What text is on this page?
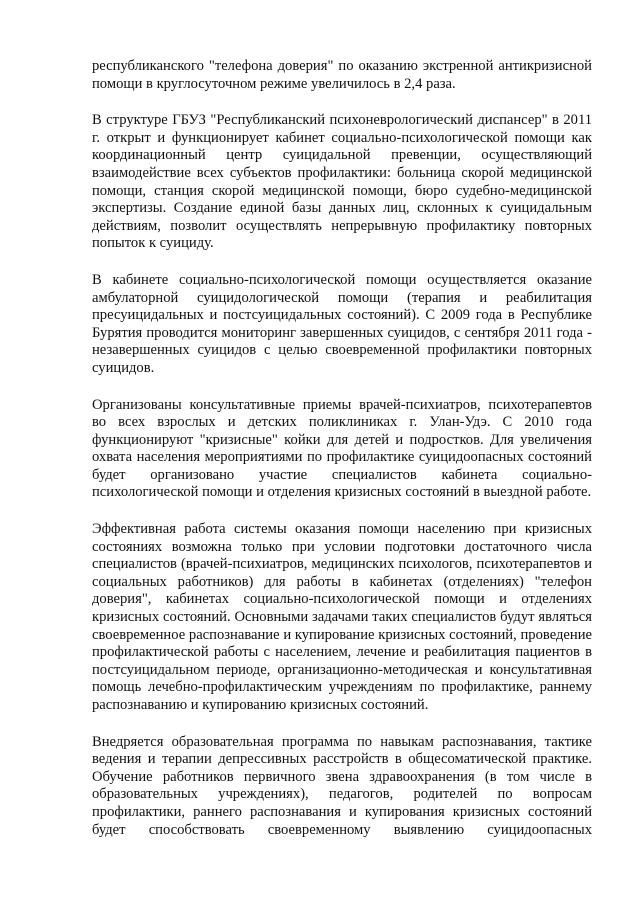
республиканского "телефона доверия" по оказанию экстренной антикризисной помощи в круглосуточном режиме увеличилось в 2,4 раза.

В структуре ГБУЗ "Республиканский психоневрологический диспансер" в 2011 г. открыт и функционирует кабинет социально-психологической помощи как координационный центр суицидальной превенции, осуществляющий взаимодействие всех субъектов профилактики: больница скорой медицинской помощи, станция скорой медицинской помощи, бюро судебно-медицинской экспертизы. Создание единой базы данных лиц, склонных к суицидальным действиям, позволит осуществлять непрерывную профилактику повторных попыток к суициду.

В кабинете социально-психологической помощи осуществляется оказание амбулаторной суицидологической помощи (терапия и реабилитация пресуицидальных и постсуицидальных состояний). С 2009 года в Республике Бурятия проводится мониторинг завершенных суицидов, с сентября 2011 года - незавершенных суицидов с целью своевременной профилактики повторных суицидов.

Организованы консультативные приемы врачей-психиатров, психотерапевтов во всех взрослых и детских поликлиниках г. Улан-Удэ. С 2010 года функционируют "кризисные" койки для детей и подростков. Для увеличения охвата населения мероприятиями по профилактике суицидоопасных состояний будет организовано участие специалистов кабинета социально-психологической помощи и отделения кризисных состояний в выездной работе.

Эффективная работа системы оказания помощи населению при кризисных состояниях возможна только при условии подготовки достаточного числа специалистов (врачей-психиатров, медицинских психологов, психотерапевтов и социальных работников) для работы в кабинетах (отделениях) "телефон доверия", кабинетах социально-психологической помощи и отделениях кризисных состояний. Основными задачами таких специалистов будут являться своевременное распознавание и купирование кризисных состояний, проведение профилактической работы с населением, лечение и реабилитация пациентов в постсуицидальном периоде, организационно-методическая и консультативная помощь лечебно-профилактическим учреждениям по профилактике, раннему распознаванию и купированию кризисных состояний.

Внедряется образовательная программа по навыкам распознавания, тактике ведения и терапии депрессивных расстройств в общесоматической практике. Обучение работников первичного звена здравоохранения (в том числе в образовательных учреждениях), педагогов, родителей по вопросам профилактики, раннего распознавания и купирования кризисных состояний будет способствовать своевременному выявлению суицидоопасных
